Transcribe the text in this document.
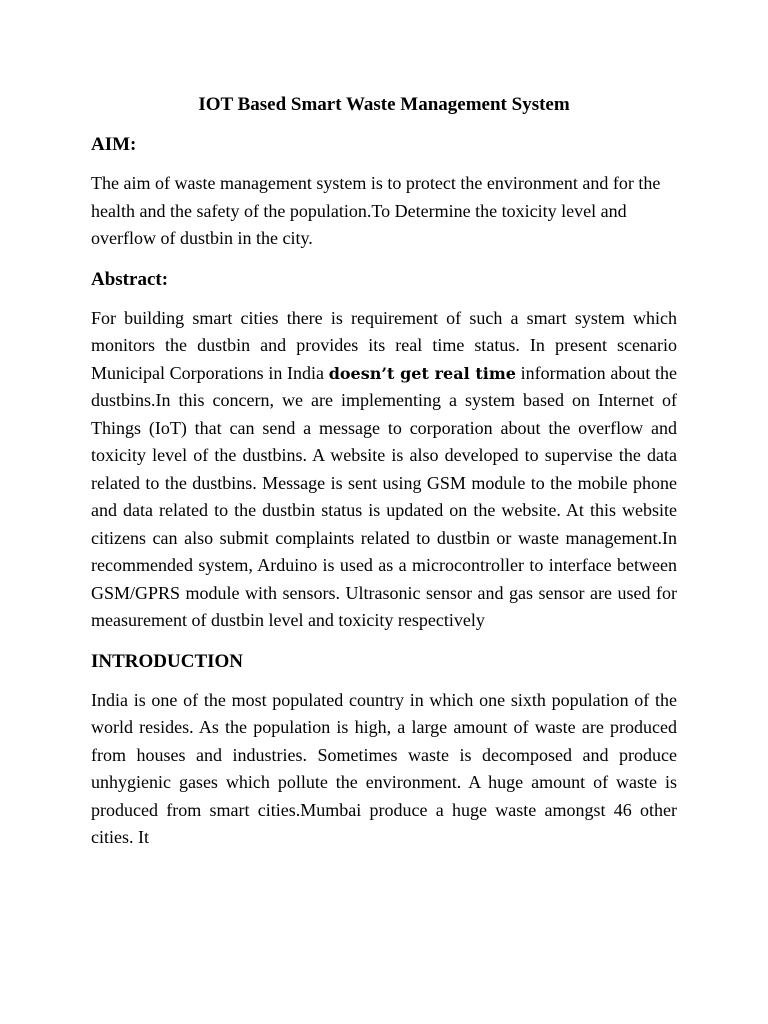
IOT Based Smart Waste Management System
AIM:

The aim of waste management system is to protect the environment and for the health and the safety of the population.To Determine the toxicity level and overflow of dustbin in the city.

Abstract:

For building smart cities there is requirement of such a smart system which monitors the dustbin and provides its real time status. In present scenario Municipal Corporations in India doesn’t get real time information about the dustbins.In this concern, we are implementing a system based on Internet of Things (IoT) that can send a message to corporation about the overflow and toxicity level of the dustbins. A website is also developed to supervise the data related to the dustbins. Message is sent using GSM module to the mobile phone and data related to the dustbin status is updated on the website. At this website citizens can also submit complaints related to dustbin or waste management.In recommended system, Arduino is used as a microcontroller to interface between GSM/GPRS module with sensors. Ultrasonic sensor and gas sensor are used for measurement of dustbin level and toxicity respectively

INTRODUCTION

India is one of the most populated country in which one sixth population of the world resides. As the population is high, a large amount of waste are produced from houses and industries. Sometimes waste is decomposed and produce unhygienic gases which pollute the environment. A huge amount of waste is produced from smart cities.Mumbai produce a huge waste amongst 46 other cities. It
